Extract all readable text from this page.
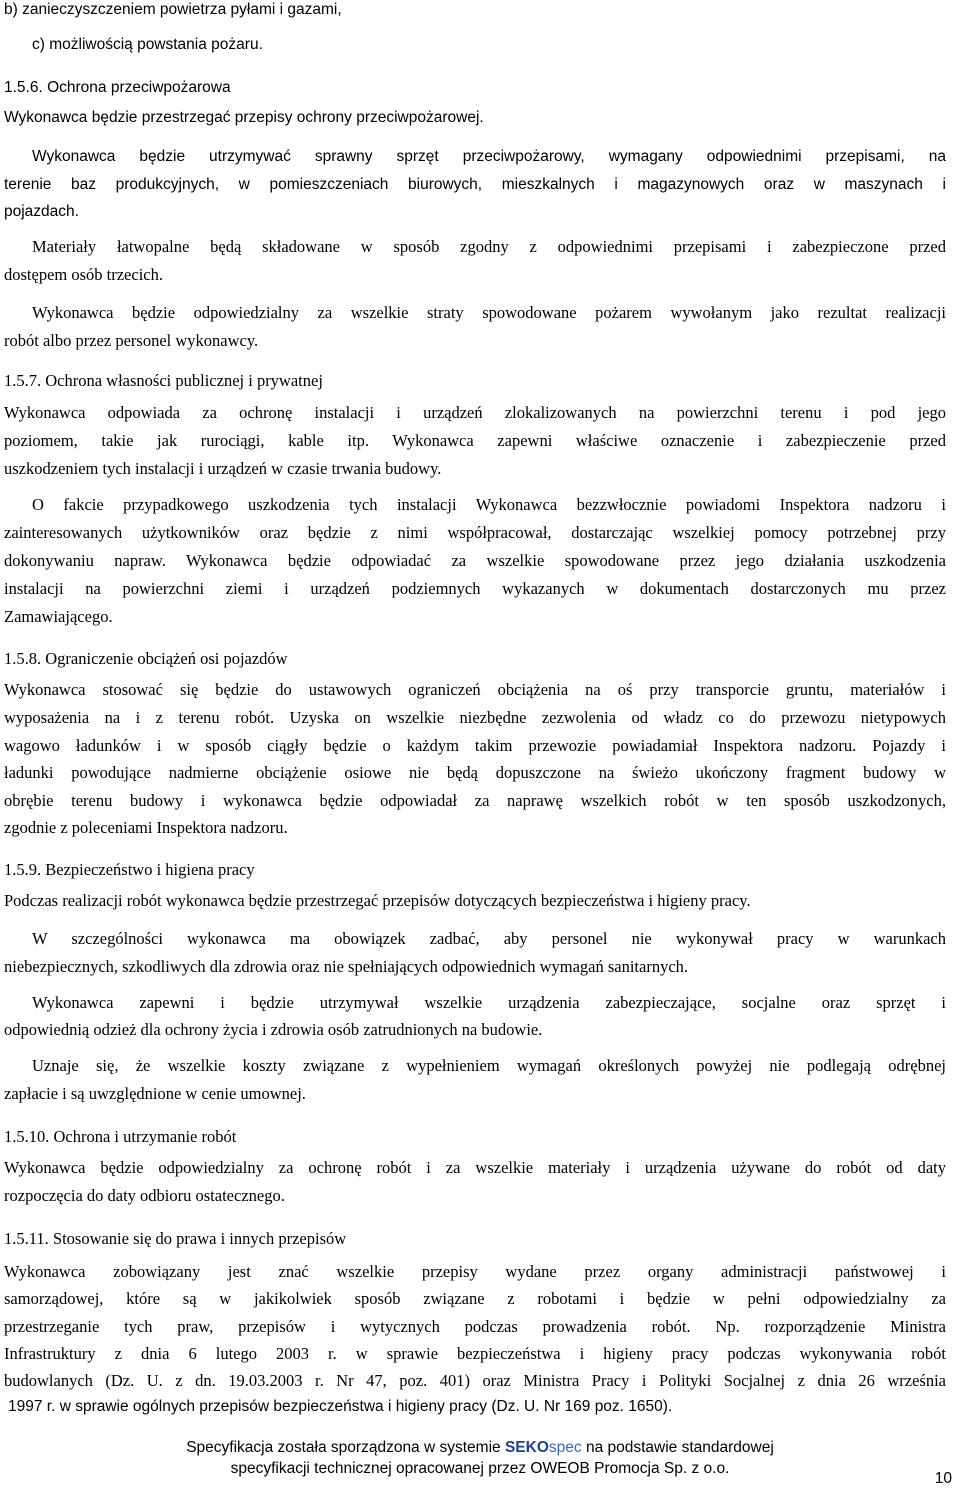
b) zanieczyszczeniem powietrza pyłami i gazami,
c) możliwością powstania pożaru.
1.5.6. Ochrona przeciwpożarowa
Wykonawca będzie przestrzegać przepisy ochrony przeciwpożarowej.
Wykonawca będzie utrzymywać sprawny sprzęt przeciwpożarowy, wymagany odpowiednimi przepisami, na
terenie baz produkcyjnych, w pomieszczeniach biurowych, mieszkalnych i magazynowych oraz w maszynach i
pojazdach.
Materiały łatwopalne będą składowane w sposób zgodny z odpowiednimi przepisami i zabezpieczone przed
dostępem osób trzecich.
Wykonawca będzie odpowiedzialny za wszelkie straty spowodowane pożarem wywołanym jako rezultat realizacji
robót albo przez personel wykonawcy.
1.5.7. Ochrona własności publicznej i prywatnej
Wykonawca odpowiada za ochronę instalacji i urządzeń zlokalizowanych na powierzchni terenu i pod jego
poziomem, takie jak rurociągi, kable itp. Wykonawca zapewni właściwe oznaczenie i zabezpieczenie przed
uszkodzeniem tych instalacji i urządzeń w czasie trwania budowy.
O fakcie przypadkowego uszkodzenia tych instalacji Wykonawca bezzwłocznie powiadomi Inspektora nadzoru i
zainteresowanych użytkowników oraz będzie z nimi współpracował, dostarczając wszelkiej pomocy potrzebnej przy
dokonywaniu napraw. Wykonawca będzie odpowiadać za wszelkie spowodowane przez jego działania uszkodzenia
instalacji na powierzchni ziemi i urządzeń podziemnych wykazanych w dokumentach dostarczonych mu przez
Zamawiającego.
1.5.8. Ograniczenie obciążeń osi pojazdów
Wykonawca stosować się będzie do ustawowych ograniczeń obciążenia na oś przy transporcie gruntu, materiałów i
wyposażenia na i z terenu robót. Uzyska on wszelkie niezbędne zezwolenia od władz co do przewozu nietypowych
wagowo ładunków i w sposób ciągły będzie o każdym takim przewozie powiadamiał Inspektora nadzoru. Pojazdy i
ładunki powodujące nadmierne obciążenie osiowe nie będą dopuszczone na świeżo ukończony fragment budowy w
obrębie terenu budowy i wykonawca będzie odpowiadał za naprawę wszelkich robót w ten sposób uszkodzonych,
zgodnie z poleceniami Inspektora nadzoru.
1.5.9. Bezpieczeństwo i higiena pracy
Podczas realizacji robót wykonawca będzie przestrzegać przepisów dotyczących bezpieczeństwa i higieny pracy.
W szczególności wykonawca ma obowiązek zadbać, aby personel nie wykonywał pracy w warunkach
niebezpiecznych, szkodliwych dla zdrowia oraz nie spełniających odpowiednich wymagań sanitarnych.
Wykonawca zapewni i będzie utrzymywał wszelkie urządzenia zabezpieczające, socjalne oraz sprzęt i
odpowiednią odzież dla ochrony życia i zdrowia osób zatrudnionych na budowie.
Uznaje się, że wszelkie koszty związane z wypełnieniem wymagań określonych powyżej nie podlegają odrębnej
zapłacie i są uwzględnione w cenie umownej.
1.5.10. Ochrona i utrzymanie robót
Wykonawca będzie odpowiedzialny za ochronę robót i za wszelkie materiały i urządzenia używane do robót od daty
rozpoczęcia do daty odbioru ostatecznego.
1.5.11. Stosowanie się do prawa i innych przepisów
Wykonawca zobowiązany jest znać wszelkie przepisy wydane przez organy administracji państwowej i
samorządowej, które są w jakikolwiek sposób związane z robotami i będzie w pełni odpowiedzialny za
przestrzeganie tych praw, przepisów i wytycznych podczas prowadzenia robót. Np. rozporządzenie Ministra
Infrastruktury z dnia 6 lutego 2003 r. w sprawie bezpieczeństwa i higieny pracy podczas wykonywania robót
budowlanych (Dz. U. z dn. 19.03.2003 r. Nr 47, poz. 401) oraz Ministra Pracy i Polityki Socjalnej z dnia 26 września
1997 r. w sprawie ogólnych przepisów bezpieczeństwa i higieny pracy (Dz. U. Nr 169 poz. 1650).
Specyfikacja została sporządzona w systemie SEKOspec na podstawie standardowej
specyfikacji technicznej opracowanej przez OWEOB Promocja Sp. z o.o.
10
